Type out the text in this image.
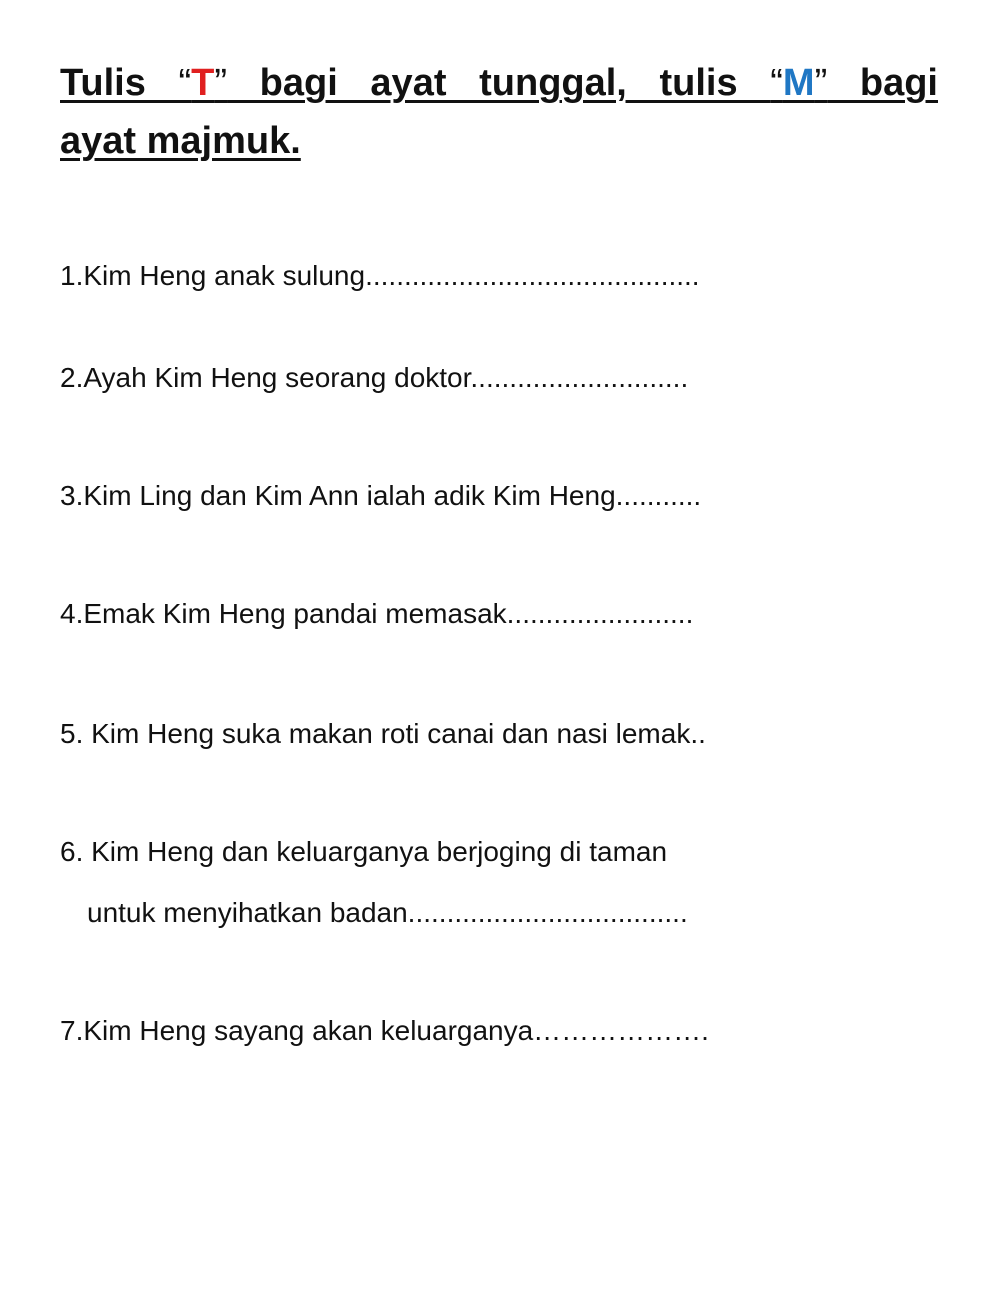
Tulis “T” bagi ayat tunggal, tulis “M” bagi
ayat majmuk.

1.Kim Heng anak sulung...........................................

2.Ayah Kim Heng seorang doktor............................

3.Kim Ling dan Kim Ann ialah adik Kim Heng...........

4.Emak Kim Heng pandai memasak........................

5. Kim Heng suka makan roti canai dan nasi lemak..

6. Kim Heng dan keluarganya berjoging di taman

untuk menyihatkan badan....................................

7.Kim Heng sayang akan keluarganya……………….
